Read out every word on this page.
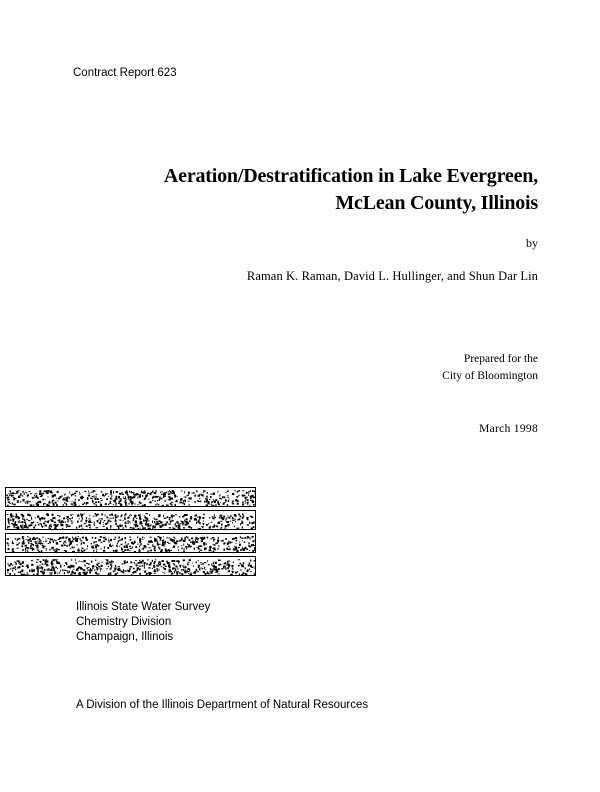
Contract Report 623
Aeration/Destratification in Lake Evergreen,
McLean County, Illinois
by
Raman K. Raman, David L. Hullinger, and Shun Dar Lin
Prepared for the
City of Bloomington
March 1998
Illinois State Water Survey
Chemistry Division
Champaign, Illinois
A Division of the Illinois Department of Natural Resources
